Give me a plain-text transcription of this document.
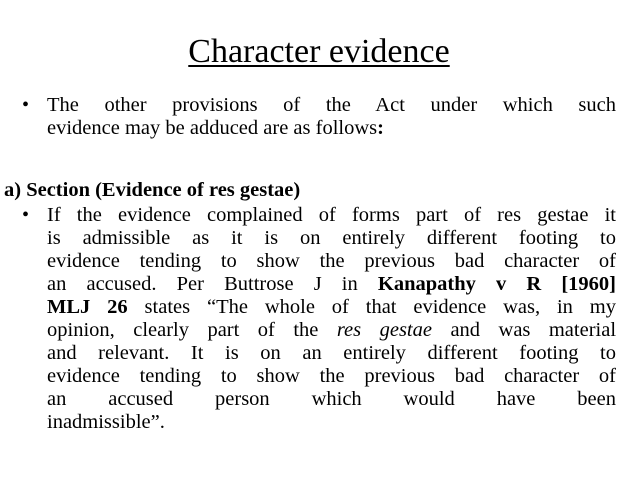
Character evidence
• The other provisions of the Act under which such
evidence may be adduced are as follows:
a) Section (Evidence of res gestae)
• If the evidence complained of forms part of res gestae it
is admissible as it is on entirely different footing to
evidence tending to show the previous bad character of
an accused. Per Buttrose J in Kanapathy v R [1960]
MLJ 26 states “The whole of that evidence was, in my
opinion, clearly part of the res gestae and was material
and relevant. It is on an entirely different footing to
evidence tending to show the previous bad character of
an accused person which would have been
inadmissible”.
